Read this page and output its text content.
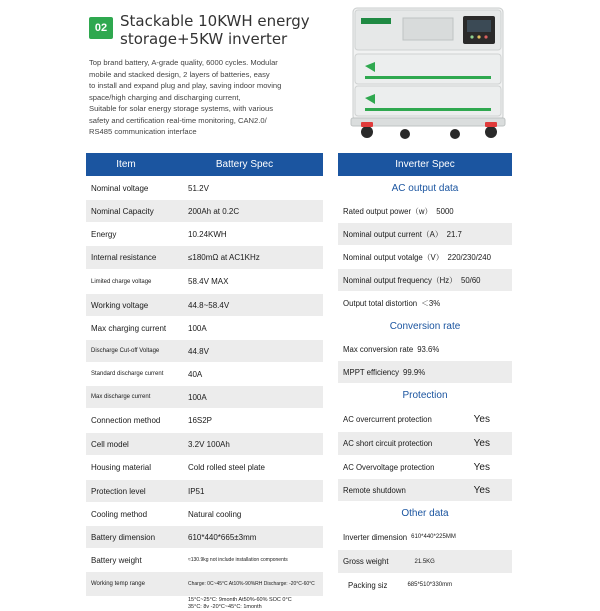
02 Stackable 10KWH energy
storage+5KW inverter
Top brand battery, A-grade quality, 6000 cycles. Modular
mobile and stacked design, 2 layers of batteries, easy
to install and expand plug and play, saving indoor moving
space/high charging and discharging current,
Suitable for solar energy storage systems, with various
safety and certification real-time monitoring, CAN2.0/
RS485 communication interface
Item	Battery Spec
Nominal voltage	51.2V
Nominal Capacity	200Ah at 0.2C
Energy	10.24KWH
Internal resistance	≤180mΩ at AC1KHz
Limited charge voltage	58.4V MAX
Working voltage	44.8~58.4V
Max charging current	100A
Discharge Cut-off Voltage	44.8V
Standard discharge current	40A
Max discharge current	100A
Connection method	16S2P
Cell model	3.2V 100Ah
Housing material	Cold rolled steel plate
Protection level	IP51
Cooling method	Natural cooling
Battery dimension	610*440*665±3mm
Battery weight	≈130.9kg not include installation components
Working temp range	Charge: 0C~45°C At10%-90%RH Discharge: -20°C-60°C
15°C~25°C: 9month At50%-60% SOC 0°C
35°C: 8v -20°C~45°C: 1month
Inverter Spec
AC output data
Rated output power（w） 5000
Nominal output current（A） 21.7
Nominal output votalge（V） 220/230/240
Nominal output frequency（Hz） 50/60
Output total distortion ＜3%
Conversion rate
Max conversion rate 93.6%
MPPT efficiency 99.9%
Protection
AC overcurrent protection	Yes
AC short circuit protection	Yes
AC Overvoltage protection	Yes
Remote shutdown	Yes
Other data
Inverter dimension 610*440*225MM
Gross weight	21.5KG
Packing siz	685*510*330mm
